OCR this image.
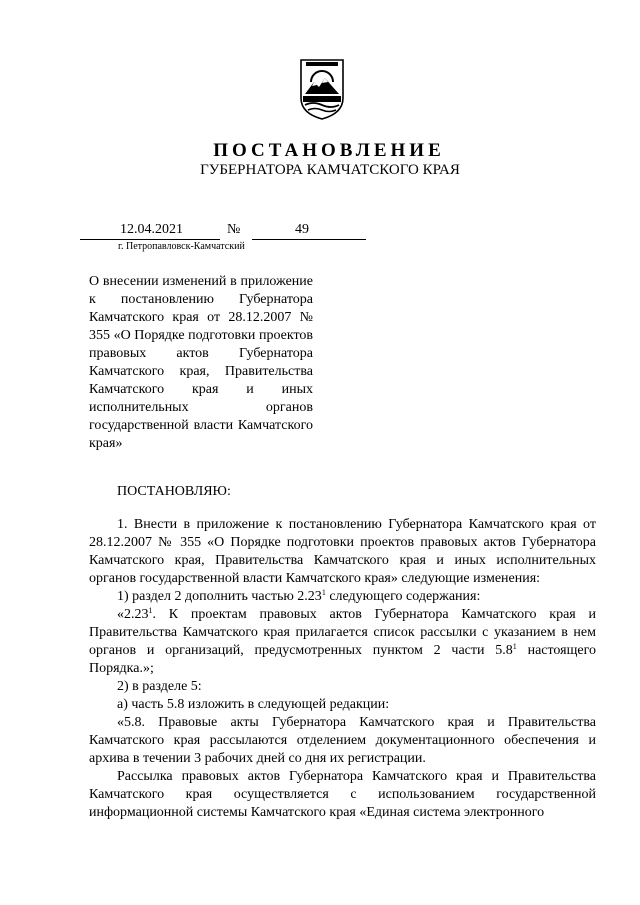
ПОСТАНОВЛЕНИЕ
ГУБЕРНАТОРА КАМЧАТСКОГО КРАЯ
12.04.2021	№	49
г. Петропавловск-Камчатский
О внесении изменений в приложение к постановлению Губернатора Камчатского края от 28.12.2007 № 355 «О Порядке подготовки проектов правовых актов Губернатора Камчатского края, Правительства Камчатского края и иных исполнительных органов государственной власти Камчатского края»
ПОСТАНОВЛЯЮ:

1. Внести в приложение к постановлению Губернатора Камчатского края от 28.12.2007 № 355 «О Порядке подготовки проектов правовых актов Губернатора Камчатского края, Правительства Камчатского края и иных исполнительных органов государственной власти Камчатского края» следующие изменения:

1) раздел 2 дополнить частью 2.23$^1$ следующего содержания:

«2.23$^1$. К проектам правовых актов Губернатора Камчатского края и Правительства Камчатского края прилагается список рассылки с указанием в нем органов и организаций, предусмотренных пунктом 2 части $5.8^1$ настоящего Порядка.»;

2) в разделе 5:

а) часть 5.8 изложить в следующей редакции:

«5.8. Правовые акты Губернатора Камчатского края и Правительства Камчатского края рассылаются отделением документационного обеспечения и архива в течении 3 рабочих дней со дня их регистрации.

Рассылка правовых актов Губернатора Камчатского края и Правительства Камчатского края осуществляется с использованием государственной информационной системы Камчатского края «Единая система электронного
